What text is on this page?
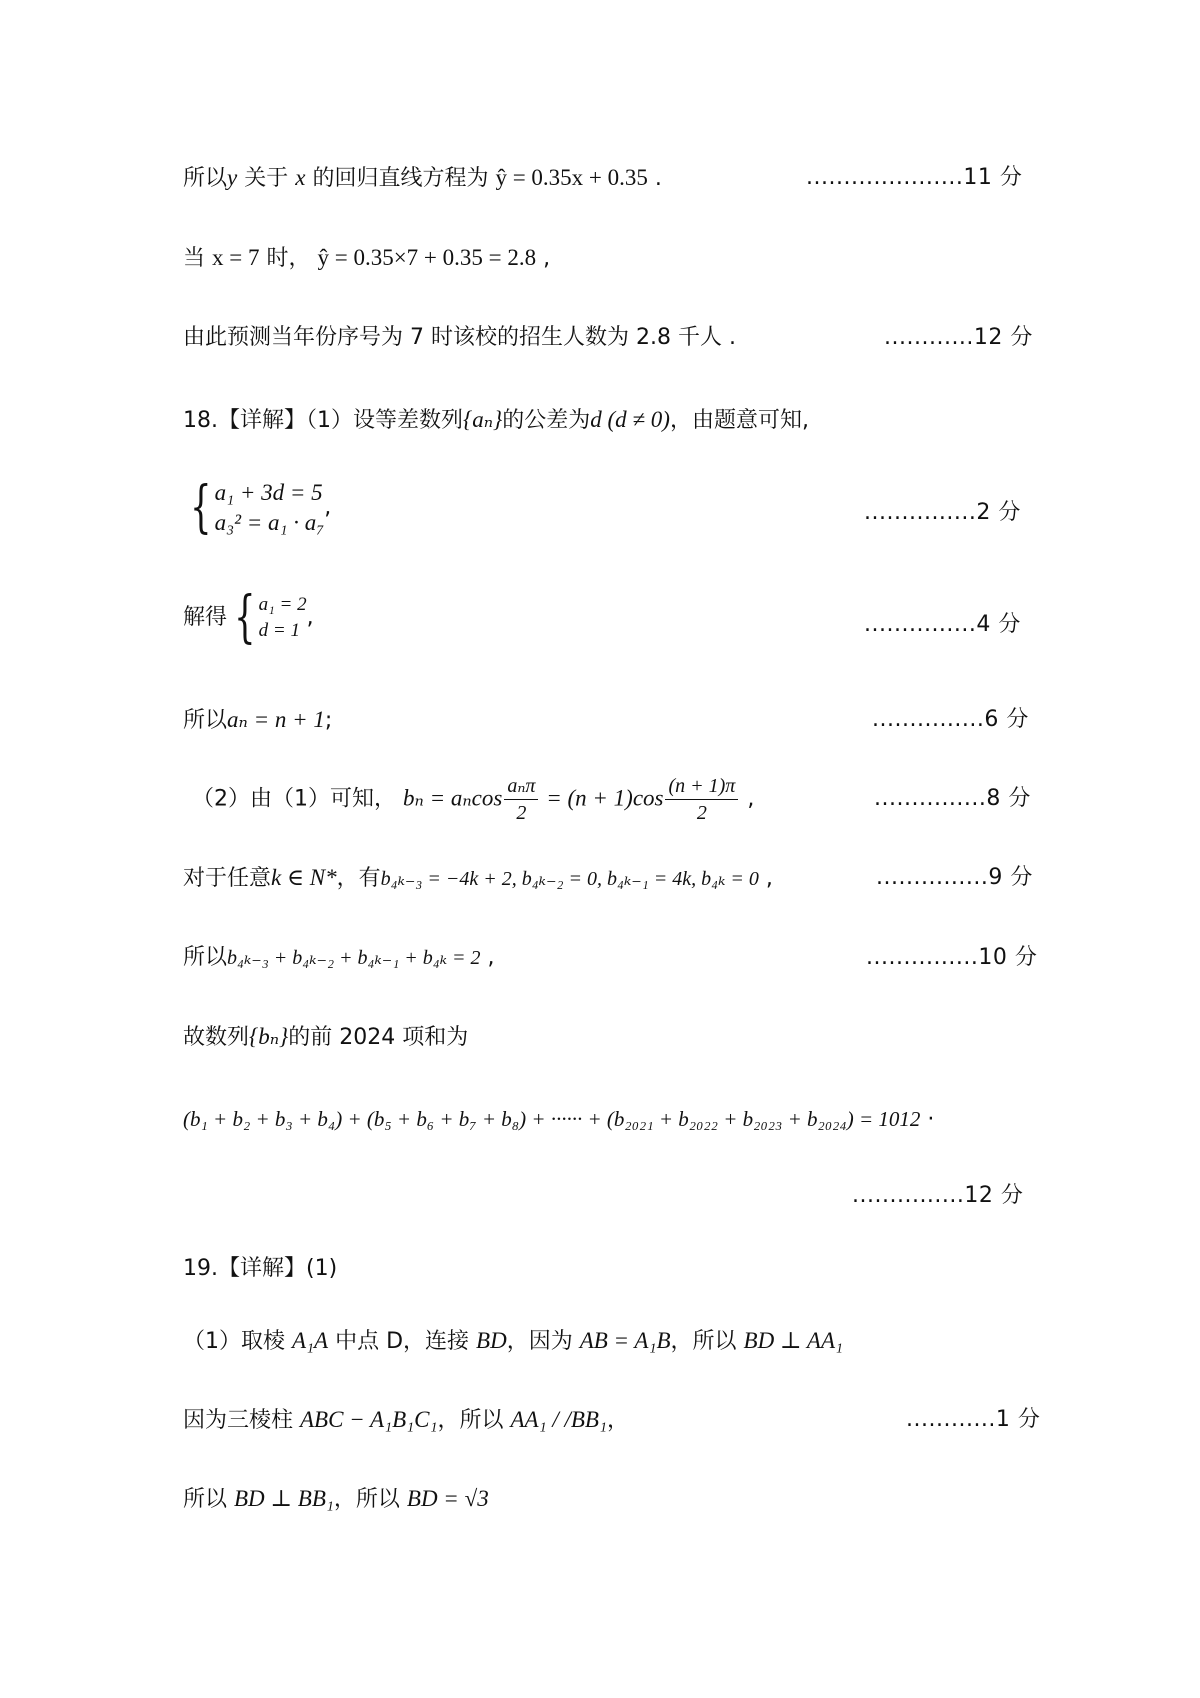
所以y 关于 x 的回归直线方程为 ŷ = 0.35x + 0.35 .	.....................11 分
当 x = 7 时， ŷ = 0.35×7 + 0.35 = 2.8 ,
由此预测当年份序号为 7 时该校的招生人数为 2.8 千人 .	............12 分
18.【详解】（1）设等差数列{aₙ}的公差为d (d ≠ 0)，由题意可知,
{ a₁ + 3d = 5
a₃² = a₁ · a₇
,	...............2 分
解得 { a₁ = 2
d = 1
,	...............4 分
所以aₙ = n + 1;	...............6 分
（2）由（1）可知， bₙ = aₙcos $\frac{\text{aₙπ}}{2} = (n + 1)\cos \frac{(n + 1)\pi}{2}$ ,	...............8 分
对于任意k ∈ N*，有b₄ₖ₋₃ = −4k + 2, b₄ₖ₋₂ = 0, b₄ₖ₋₁ = 4k, b₄ₖ = 0 ,	...............9 分
所以b₄ₖ₋₃ + b₄ₖ₋₂ + b₄ₖ₋₁ + b₄ₖ = 2 ,	...............10 分
故数列{bₙ}的前 2024 项和为
(b₁ + b₂ + b₃ + b₄) + (b₅ + b₆ + b₇ + b₈) + ······ + (b₂₀₂₁ + b₂₀₂₂ + b₂₀₂₃ + b₂₀₂₄) = 1012 ·
...............12 分
19.【详解】(1)
（1）取棱 A₁A 中点 D，连接 BD，因为 AB = A₁B，所以 BD ⊥ AA₁
因为三棱柱 ABC − A₁B₁C₁，所以 AA₁ / /BB₁，	............1 分
所以 BD ⊥ BB₁，所以 BD = √3
